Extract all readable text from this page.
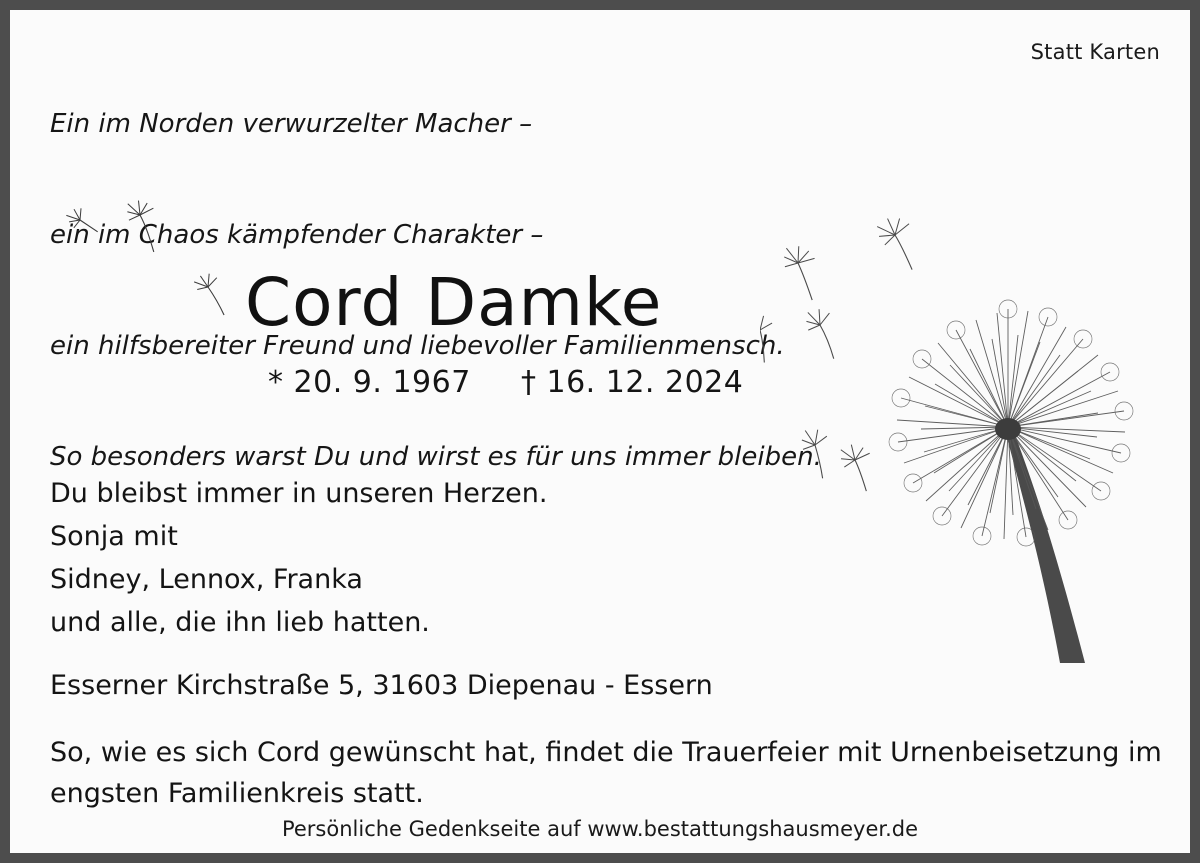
Ein im Norden verwurzelter Macher –

ein im Chaos kämpfender Charakter –

ein hilfsbereiter Freund und liebevoller Familienmensch.

So besonders warst Du und wirst es für uns immer bleiben.

Statt Karten
Cord Damke
* 20. 9. 1967     † 16. 12. 2024
Du bleibst immer in unseren Herzen.
Sonja mit
Sidney, Lennox, Franka
und alle, die ihn lieb hatten.
Esserner Kirchstraße 5, 31603 Diepenau - Essern
So, wie es sich Cord gewünscht hat, findet die Trauerfeier mit Urnenbeisetzung im engsten Familienkreis statt.
Persönliche Gedenkseite auf www.bestattungshausmeyer.de
